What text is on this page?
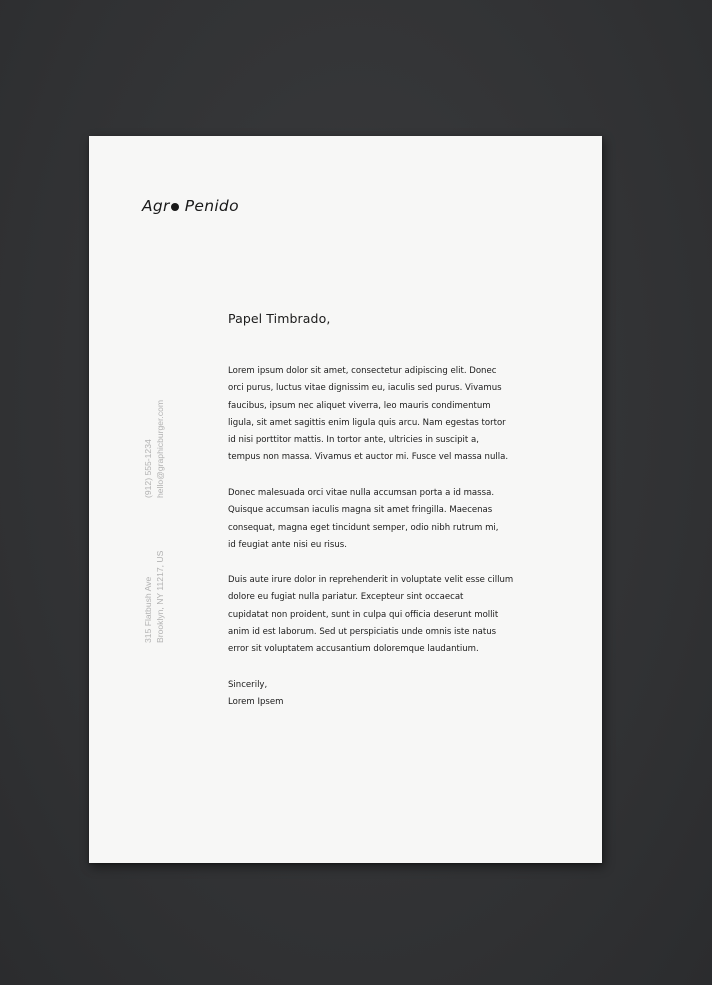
Agr Penido
(912) 555-1234 hello@graphicburger.com
315 Flatbush Ave Brooklyn, NY 11217, US
Papel Timbrado,

Lorem ipsum dolor sit amet, consectetur adipiscing elit. Donec
orci purus, luctus vitae dignissim eu, iaculis sed purus. Vivamus
faucibus, ipsum nec aliquet viverra, leo mauris condimentum
ligula, sit amet sagittis enim ligula quis arcu. Nam egestas tortor
id nisi porttitor mattis. In tortor ante, ultricies in suscipit a,
tempus non massa. Vivamus et auctor mi. Fusce vel massa nulla.

Donec malesuada orci vitae nulla accumsan porta a id massa.
Quisque accumsan iaculis magna sit amet fringilla. Maecenas
consequat, magna eget tincidunt semper, odio nibh rutrum mi,
id feugiat ante nisi eu risus.

Duis aute irure dolor in reprehenderit in voluptate velit esse cillum
dolore eu fugiat nulla pariatur. Excepteur sint occaecat
cupidatat non proident, sunt in culpa qui officia deserunt mollit
anim id est laborum. Sed ut perspiciatis unde omnis iste natus
error sit voluptatem accusantium doloremque laudantium.

Sincerily,
Lorem Ipsem
